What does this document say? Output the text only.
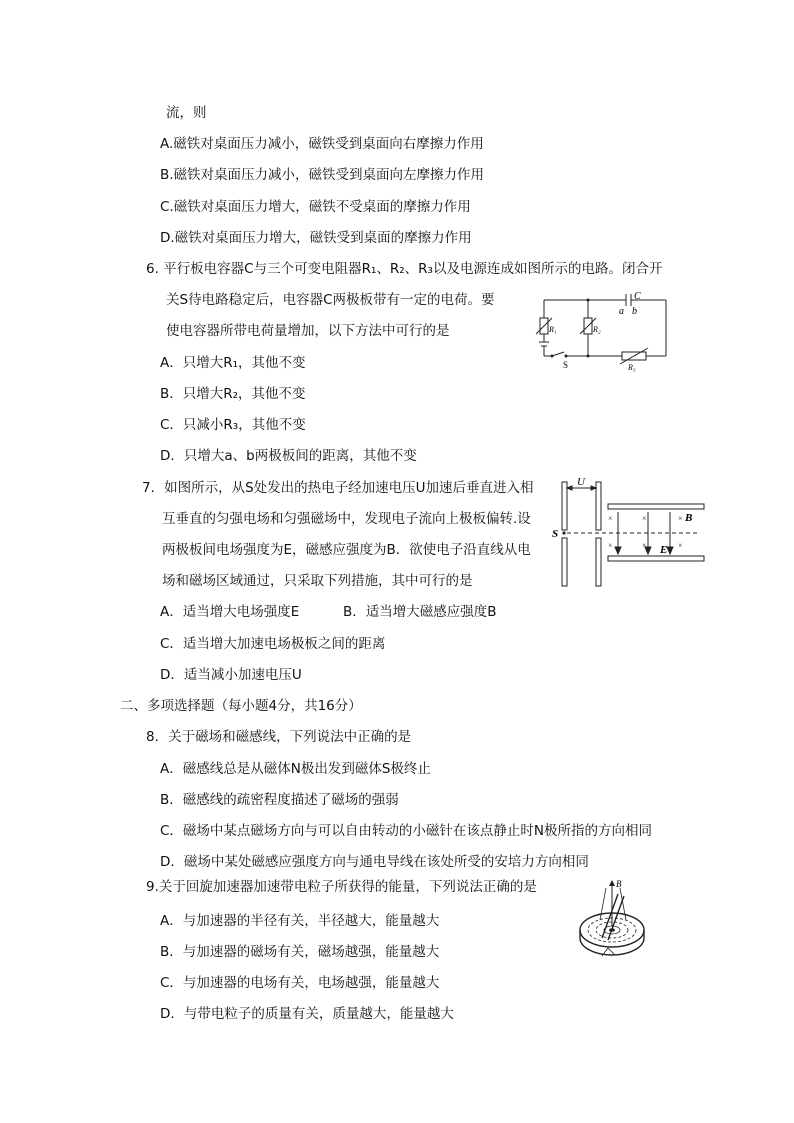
流，则
A.磁铁对桌面压力减小，磁铁受到桌面向右摩擦力作用
B.磁铁对桌面压力减小，磁铁受到桌面向左摩擦力作用
C.磁铁对桌面压力增大，磁铁不受桌面的摩擦力作用
D.磁铁对桌面压力增大，磁铁受到桌面的摩擦力作用
6. 平行板电容器C与三个可变电阻器R₁、R₂、R₃以及电源连成如图所示的电路。闭合开
关S待电路稳定后，电容器C两极板带有一定的电荷。要
使电容器所带电荷量增加，以下方法中可行的是
A．只增大R₁，其他不变
B．只增大R₂，其他不变
C．只减小R₃，其他不变
D．只增大a、b两极板间的距离，其他不变
C
a b
R₁	R₂
R₃
S
7．如图所示，从S处发出的热电子经加速电压U加速后垂直进入相
互垂直的匀强电场和匀强磁场中，发现电子流向上极板偏转.设
两极板间电场强度为E，磁感应强度为B．欲使电子沿直线从电
场和磁场区域通过，只采取下列措施，其中可行的是
A．适当增大电场强度E	B．适当增大磁感应强度B
C．适当增大加速电场极板之间的距离
D．适当减小加速电压U
×	×	×
×	×	×
U
S
B
E
二、多项选择题（每小题4分，共16分）
8．关于磁场和磁感线，下列说法中正确的是
A．磁感线总是从磁体N极出发到磁体S极终止
B．磁感线的疏密程度描述了磁场的强弱
C．磁场中某点磁场方向与可以自由转动的小磁针在该点静止时N极所指的方向相同
D．磁场中某处磁感应强度方向与通电导线在该处所受的安培力方向相同
9.关于回旋加速器加速带电粒子所获得的能量，下列说法正确的是
A．与加速器的半径有关，半径越大，能量越大
B．与加速器的磁场有关，磁场越强，能量越大
C．与加速器的电场有关，电场越强，能量越大
D．与带电粒子的质量有关，质量越大，能量越大
B
